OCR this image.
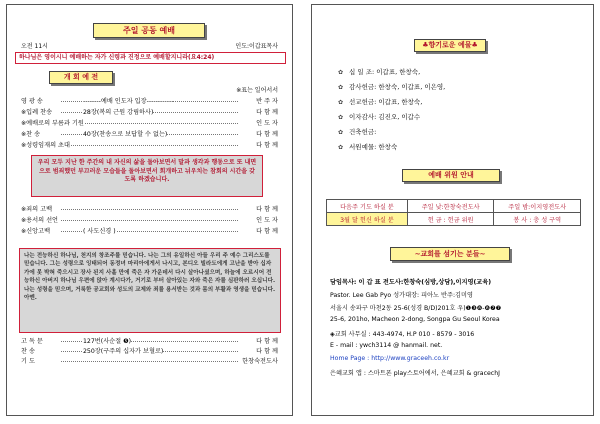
주일 공동 예배
오전 11시	인도:이갑표목사
하나님은 영이시니 예배하는 자가 신령과 진정으로 예배할지니라(요4:24)
개 회 예 전
※표는 일어서서
영 광 송	--------예배 인도자 입장------------	반 주 자
※입례 찬송	28장(복의 근원 강림하사)	다 함 께
※예배로의 부름과 기원	인 도 자
※찬 송	40장(찬송으로 보답할 수 없는)	다 함 께
※성령임재의 초대	다 함 께
우리 모두 지난 한 주간의 내 자신의 삶을 돌아보면서 말과 생각과 행동으로 또 내면으로 범죄했던 부끄러운 모습들을 돌아보면서 회개하고 뉘우치는 참회의 시간을 갖도록 하겠습니다.
※죄의 고백	다 함 께
※용서의 선언	인 도 자
※신앙고백	( 사도신경 )	다 함 께
나는 전능하신 하나님, 천지의 창조주를 믿습니다. 나는 그의 유일하신 아들 우리 주 예수 그리스도를 믿습니다. 그는 성령으로 잉태되어 동정녀 마리아에게서 나시고, 본디오 빌라도에게 고난을 받아 십자가에 못 박혀 죽으시고 장사 된지 사흘 만에 죽은 자 가운데서 다시 살아나셨으며, 하늘에 오르시어 전능하신 아버지 하나님 우편에 앉아 계시다가, 거기로 부터 살아있는 자와 죽은 자를 심판하러 오십니다. 나는 성령을 믿으며, 거룩한 공교회와 성도의 교제와 죄를 용서받는 것과 몸의 부활과 영생을 믿습니다. 아멘.
고 독 문	127번(사순절 ❺)	다 함 께
찬 송	250장(구주의 십자가 보혈로)	다 함 께
기 도	한창숙전도사
♣향기로운 예물♣
✿ 십 일 조: 이갑표, 한창숙,
✿ 감사헌금: 한창숙, 이갑표, 이은영,
✿ 선교헌금: 이갑표, 한창숙,
✿ 이자감사: 김진오, 이갑수
✿ 건축헌금:
✿ 서원예물: 한창숙
예배 위원 안내
다음주 기도 하실 분	주일 낮:한창숙전도사	주일 밤:이지영전도사
3월 달 헌신 하실 분	헌 금 : 헌금 위원	봉 사 : 충 성 구역
~교회를 섬기는 분들~
담임목사: 이 갑 표 전도사:한창숙(심방,상담),이지영(교육)
Pastor. Lee Gab Pyo 성가대장: 피아노 반주:김미영
서울시 송파구 마천2동 25-6(성경 B/D)201호 우)❶❸❽-❽❼❼
25-6, 201ho, Macheon 2-dong, Songpa Gu Seoul Korea
◈교회 사무실 : 443-4974, H.P 010 - 8579 - 3016
E - mail : ywch3114 @ hanmail. net.
Home Page : http://www.graceeh.co.kr
은혜교회 앱 : 스마트폰 play스토어에서, 은혜교회 & gracechJ
